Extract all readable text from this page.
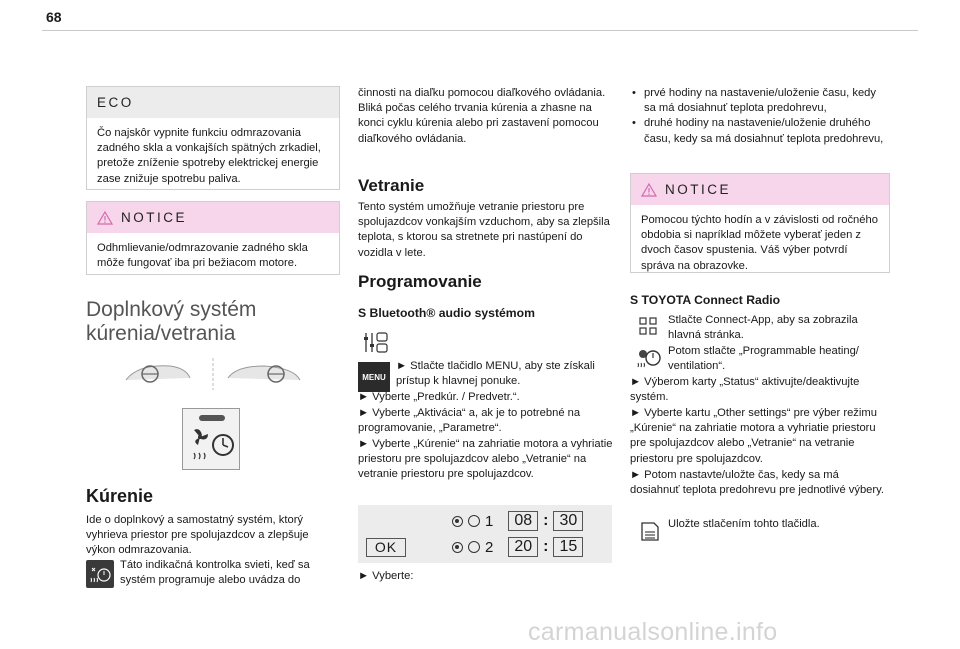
68
ECO
Čo najskôr vypnite funkciu odmrazovania zadného skla a vonkajších spätných zrkadiel, pretože zníženie spotreby elektrickej energie zase znižuje spotrebu paliva.
NOTICE
Odhmlievanie/odmrazovanie zadného skla môže fungovať iba pri bežiacom motore.
Doplnkový systém kúrenia/vetrania
Kúrenie
Ide o doplnkový a samostatný systém, ktorý vyhrieva priestor pre spolujazdcov a zlepšuje výkon odmrazovania.
Táto indikačná kontrolka svieti, keď sa systém programuje alebo uvádza do
činnosti na diaľku pomocou diaľkového ovládania. Bliká počas celého trvania kúrenia a zhasne na konci cyklu kúrenia alebo pri zastavení pomocou diaľkového ovládania.
Vetranie
Tento systém umožňuje vetranie priestoru pre spolujazdcov vonkajším vzduchom, aby sa zlepšila teplota, s ktorou sa stretnete pri nastúpení do vozidla v lete.
Programovanie
S Bluetooth® audio systémom
MENU
► Stlačte tlačidlo MENU, aby ste získali prístup k hlavnej ponuke.
► Vyberte „Predkúr. / Predvetr.“.
► Vyberte „Aktivácia“ a, ak je to potrebné na programovanie, „Parametre“.
► Vyberte „Kúrenie“ na zahriatie motora a vyhriatie priestoru pre spolujazdcov alebo „Vetranie“ na vetranie priestoru pre spolujazdcov.
OK
1	08 : 30
2	20 : 15
► Vyberte:
• prvé hodiny na nastavenie/uloženie času, kedy sa má dosiahnuť teplota predohrevu,
• druhé hodiny na nastavenie/uloženie druhého času, kedy sa má dosiahnuť teplota predohrevu,
NOTICE
Pomocou týchto hodín a v závislosti od ročného obdobia si napríklad môžete vyberať jeden z dvoch časov spustenia. Váš výber potvrdí správa na obrazovke.
S TOYOTA Connect Radio
Stlačte Connect-App, aby sa zobrazila hlavná stránka.
Potom stlačte „Programmable heating/ ventilation“.
► Výberom karty „Status“ aktivujte/deaktivujte systém.
► Vyberte kartu „Other settings“ pre výber režimu „Kúrenie“ na zahriatie motora a vyhriatie priestoru pre spolujazdcov alebo „Vetranie“ na vetranie priestoru pre spolujazdcov.
► Potom nastavte/uložte čas, kedy sa má dosiahnuť teplota predohrevu pre jednotlivé výbery.
Uložte stlačením tohto tlačidla.
carmanualsonline.info
